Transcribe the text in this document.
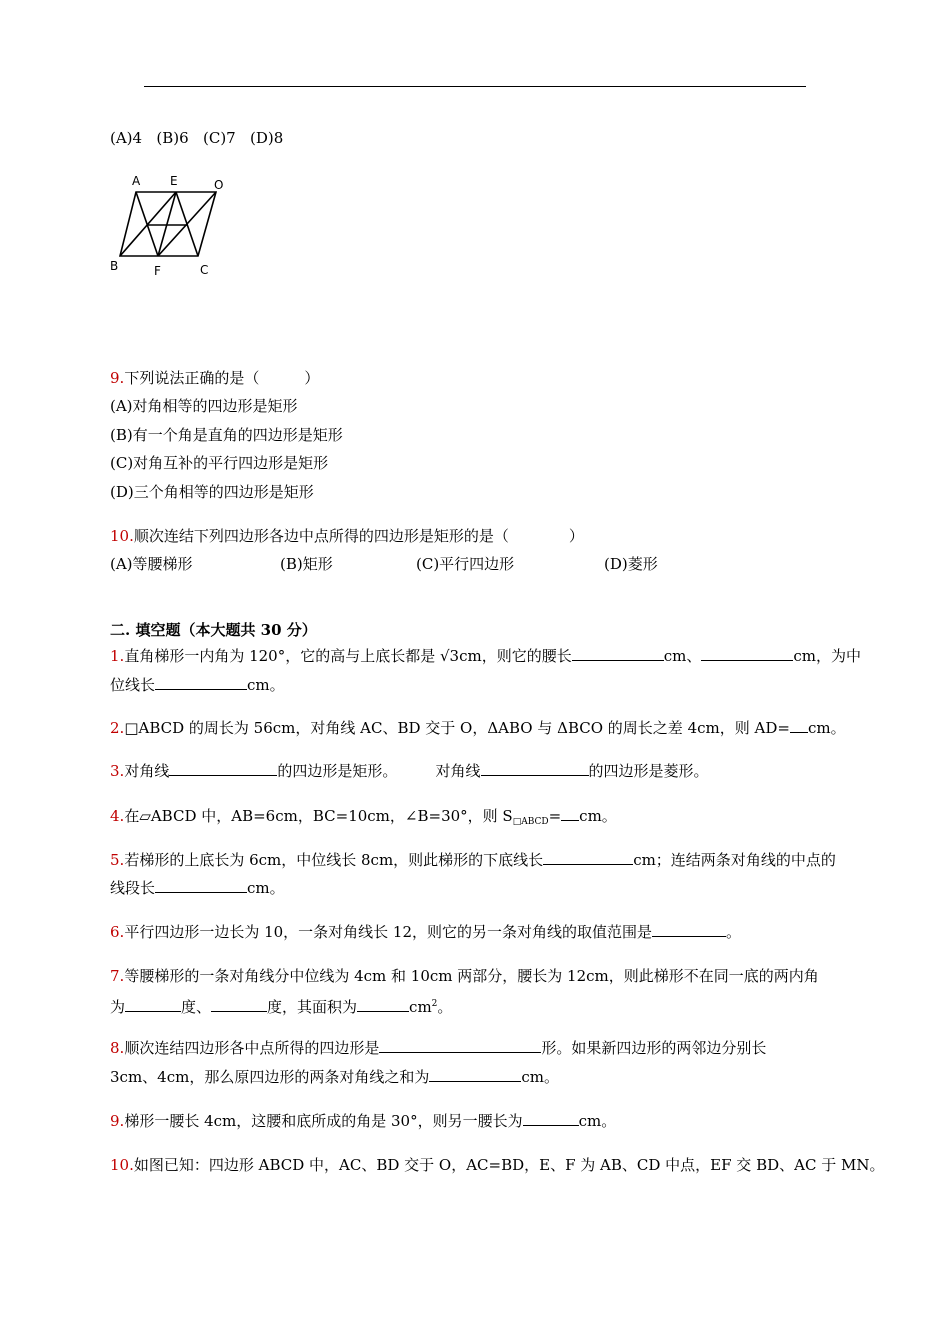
(A)4 (B)6 (C)7 (D)8
A E	O
B	F	C
9.下列说法正确的是（　　　）
(A)对角相等的四边形是矩形
(B)有一个角是直角的四边形是矩形
(C)对角互补的平行四边形是矩形
(D)三个角相等的四边形是矩形
10.顺次连结下列四边形各边中点所得的四边形是矩形的是（　　　　）
(A)等腰梯形	(B)矩形	(C)平行四边形	(D)菱形
二. 填空题（本大题共 30 分）
1.直角梯形一内角为 120°，它的高与上底长都是 √3cm，则它的腰长	cm、	cm，为中
位线长	cm。
2.□ABCD 的周长为 56cm，对角线 AC、BD 交于 O，ΔABO 与 ΔBCO 的周长之差 4cm，则 AD= cm。
3.对角线	的四边形是矩形。	对角线	的四边形是菱形。
4.在▱ABCD 中，AB=6cm，BC=10cm，∠B=30°，则 $S_{□ABCD}=$ cm。
5.若梯形的上底长为 6cm，中位线长 8cm，则此梯形的下底线长	cm；连结两条对角线的中点的
线段长	cm。
6.平行四边形一边长为 10，一条对角线长 12，则它的另一条对角线的取值范围是	。
7.等腰梯形的一条对角线分中位线为 4cm 和 10cm 两部分，腰长为 12cm，则此梯形不在同一底的两内角
为	度、	度，其面积为	$cm^2$。
8.顺次连结四边形各中点所得的四边形是	形。如果新四边形的两邻边分别长
3cm、4cm，那么原四边形的两条对角线之和为	cm。
9.梯形一腰长 4cm，这腰和底所成的角是 30°，则另一腰长为	cm。
10.如图已知：四边形 ABCD 中，AC、BD 交于 O，AC=BD，E、F 为 AB、CD 中点，EF 交 BD、AC 于 MN。
